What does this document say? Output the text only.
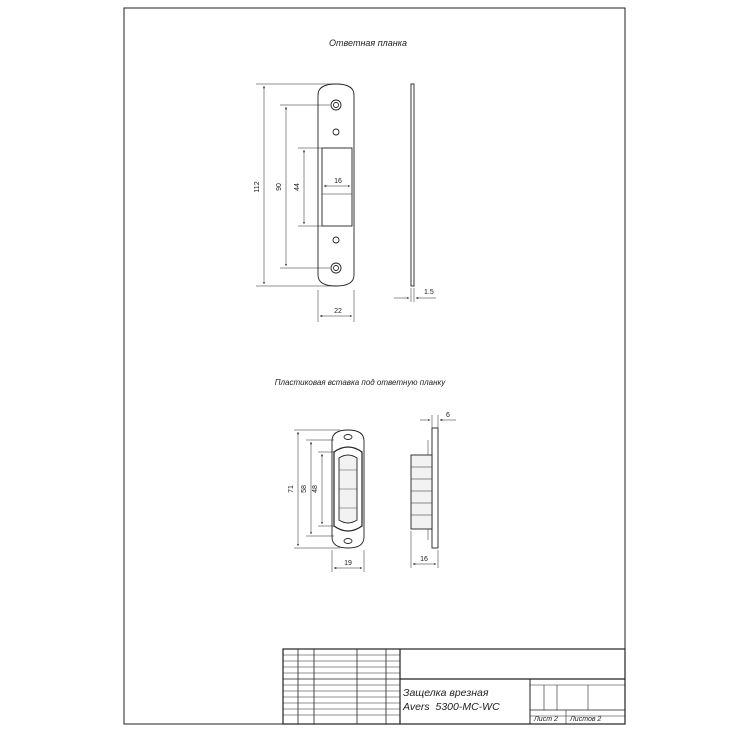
Ответная планка
112 90 44
16
22
1.5
Пластиковая вставка под ответную планку
71 58 48
19
16
6
Защелка врезная
Avers  5300-MC-WC
Лист 2 Листов 2
